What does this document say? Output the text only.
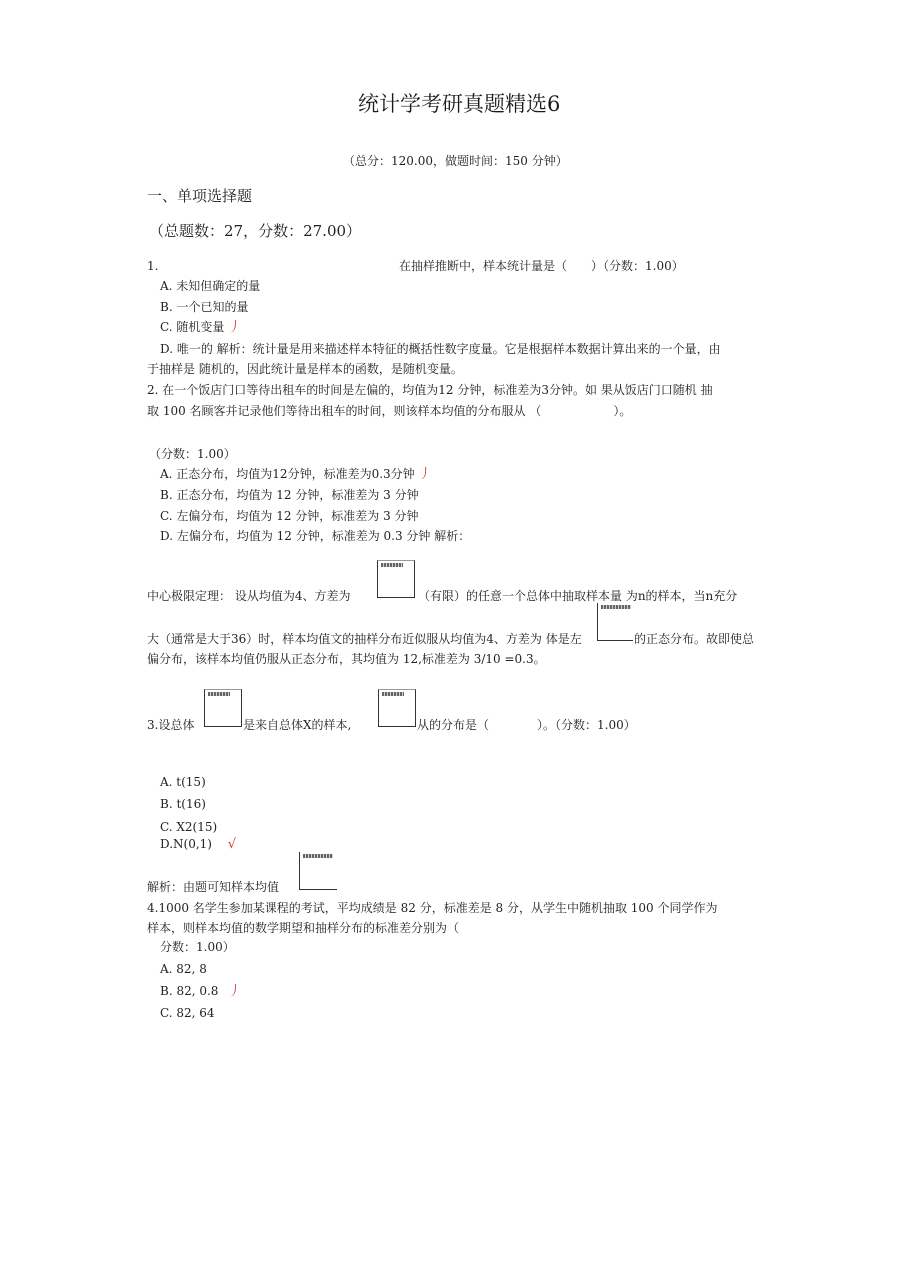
统计学考研真题精选6
（总分：120.00，做题时间：150 分钟）
一、单项选择题
（总题数：27，分数：27.00）
1.	在抽样推断中，样本统计量是（　　）（分数：1.00）
A. 未知但确定的量
B. 一个已知的量
C. 随机变量 丿
D. 唯一的 解析：统计量是用来描述样本特征的概括性数字度量。它是根据样本数据计算出来的一个量，由
于抽样是 随机的，因此统计量是样本的函数，是随机变量。
2. 在一个饭店门口等待出租车的时间是左偏的，均值为12 分钟，标准差为3分钟。如 果从饭店门口随机 抽
取 100 名顾客并记录他们等待出租车的时间，则该样本均值的分布服从 （　　　　　　）。
（分数：1.00）
A. 正态分布，均值为12分钟，标准差为0.3分钟 丿
B. 正态分布，均值为 12 分钟，标准差为 3 分钟
C. 左偏分布，均值为 12 分钟，标准差为 3 分钟
D. 左偏分布，均值为 12 分钟，标准差为 0.3 分钟 解析：
中心极限定理： 设从均值为4、方差为	（有限）的任意一个总体中抽取样本量 为n的样本，当n充分
大（通常是大于36）时，样本均值文的抽样分布近似服从均值为4、方差为 体是左	的正态分布。故即使总
偏分布，该样本均值仍服从正态分布，其均值为 12,标准差为 3/10 =0.3。
3.设总体	是来自总体X的样本,	从的分布是（　　　　）。（分数：1.00）
A. t(15)
B. t(16)
C. X2(15)
D.N(0,1) √
解析：由题可知样本均值
4.1000 名学生参加某课程的考试，平均成绩是 82 分，标准差是 8 分，从学生中随机抽取 100 个同学作为
样本，则样本均值的数学期望和抽样分布的标准差分别为（
分数：1.00）
A. 82, 8
B. 82, 0.8 丿
C. 82, 64
